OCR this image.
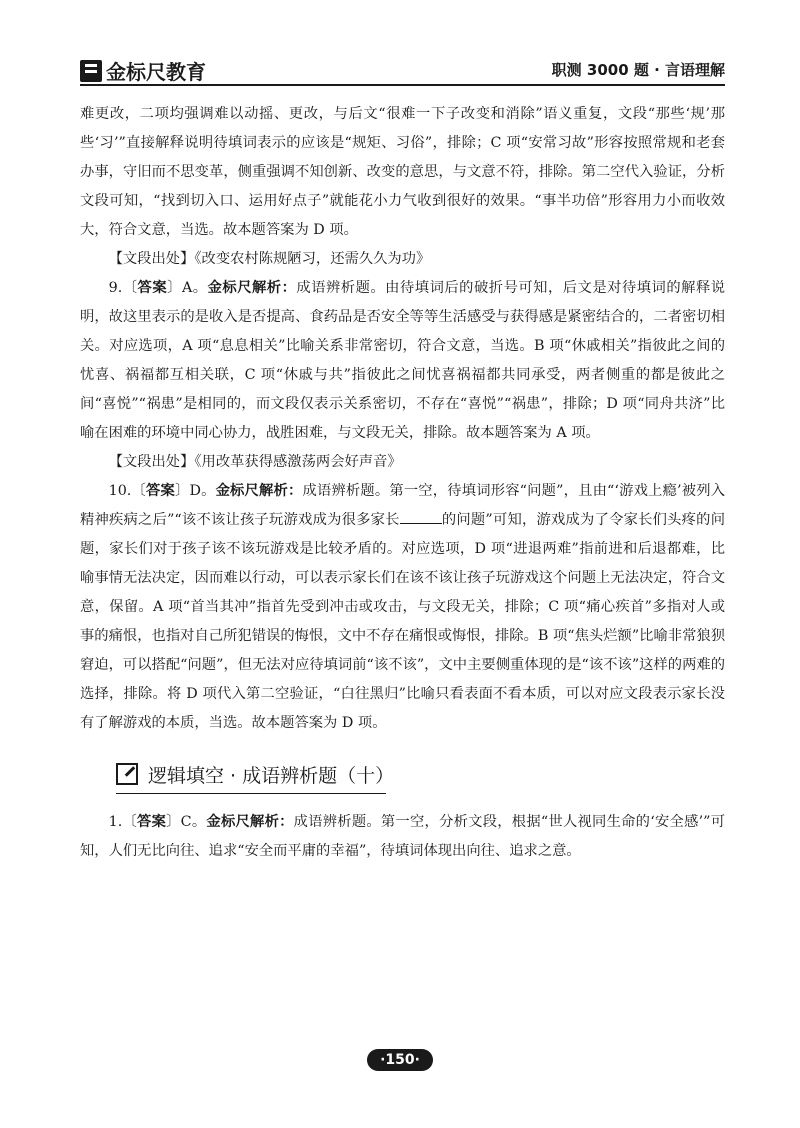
金标尺教育	职测 3000 题 · 言语理解

难更改，二项均强调难以动摇、更改，与后文“很难一下子改变和消除”语义重复，文段“那些‘规’那些‘习’”直接解释说明待填词表示的应该是“规矩、习俗”，排除；C 项“安常习故”形容按照常规和老套办事，守旧而不思变革，侧重强调不知创新、改变的意思，与文意不符，排除。第二空代入验证，分析文段可知，“找到切入口、运用好点子”就能花小力气收到很好的效果。“事半功倍”形容用力小而收效大，符合文意，当选。故本题答案为 D 项。

【文段出处】《改变农村陈规陋习，还需久久为功》

9.〔答案〕A。金标尺解析：成语辨析题。由待填词后的破折号可知，后文是对待填词的解释说明，故这里表示的是收入是否提高、食药品是否安全等等生活感受与获得感是紧密结合的，二者密切相关。对应选项，A 项“息息相关”比喻关系非常密切，符合文意，当选。B 项“休戚相关”指彼此之间的忧喜、祸福都互相关联，C 项“休戚与共”指彼此之间忧喜祸福都共同承受，两者侧重的都是彼此之间“喜悦”“祸患”是相同的，而文段仅表示关系密切，不存在“喜悦”“祸患”，排除；D 项“同舟共济”比喻在困难的环境中同心协力，战胜困难，与文段无关，排除。故本题答案为 A 项。

【文段出处】《用改革获得感激荡两会好声音》

10.〔答案〕D。金标尺解析：成语辨析题。第一空，待填词形容“问题”，且由“‘游戏上瘾’被列入精神疾病之后”“该不该让孩子玩游戏成为很多家长	的问题”可知，游戏成为了令家长们头疼的问题，家长们对于孩子该不该玩游戏是比较矛盾的。对应选项，D 项“进退两难”指前进和后退都难，比喻事情无法决定，因而难以行动，可以表示家长们在该不该让孩子玩游戏这个问题上无法决定，符合文意，保留。A 项“首当其冲”指首先受到冲击或攻击，与文段无关，排除；C 项“痛心疾首”多指对人或事的痛恨，也指对自己所犯错误的悔恨，文中不存在痛恨或悔恨，排除。B 项“焦头烂额”比喻非常狼狈窘迫，可以搭配“问题”，但无法对应待填词前“该不该”，文中主要侧重体现的是“该不该”这样的两难的选择，排除。将 D 项代入第二空验证，“白往黑归”比喻只看表面不看本质，可以对应文段表示家长没有了解游戏的本质，当选。故本题答案为 D 项。

逻辑填空 · 成语辨析题（十）

1.〔答案〕C。金标尺解析：成语辨析题。第一空，分析文段，根据“世人视同生命的‘安全感’”可知，人们无比向往、追求“安全而平庸的幸福”，待填词体现出向往、追求之意。

·150·
